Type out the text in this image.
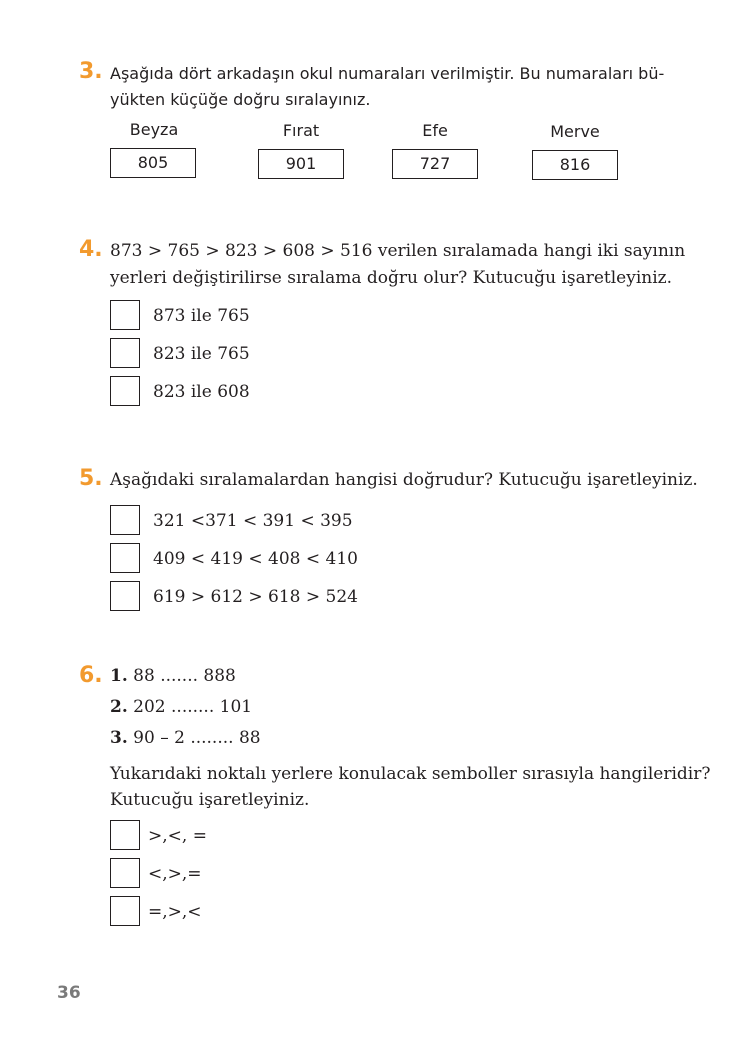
3. Aşağıda dört arkadaşın okul numaraları verilmiştir. Bu numaraları bü-
yükten küçüğe doğru sıralayınız.
Beyza	Fırat	Efe	Merve
805	901	727	816
4. 873 > 765 > 823 > 608 > 516 verilen sıralamada hangi iki sayının
yerleri değiştirilirse sıralama doğru olur? Kutucuğu işaretleyiniz.
873 ile 765
823 ile 765
823 ile 608
5. Aşağıdaki sıralamalardan hangisi doğrudur? Kutucuğu işaretleyiniz.
321 <371 < 391 < 395
409 < 419 < 408 < 410
619 > 612 > 618 > 524
6. 1. 88 ....... 888
2. 202 ........ 101
3. 90 – 2 ........ 88
Yukarıdaki noktalı yerlere konulacak semboller sırasıyla hangileridir?
Kutucuğu işaretleyiniz.
>,<, =
<,>,=
=,>,<
36
